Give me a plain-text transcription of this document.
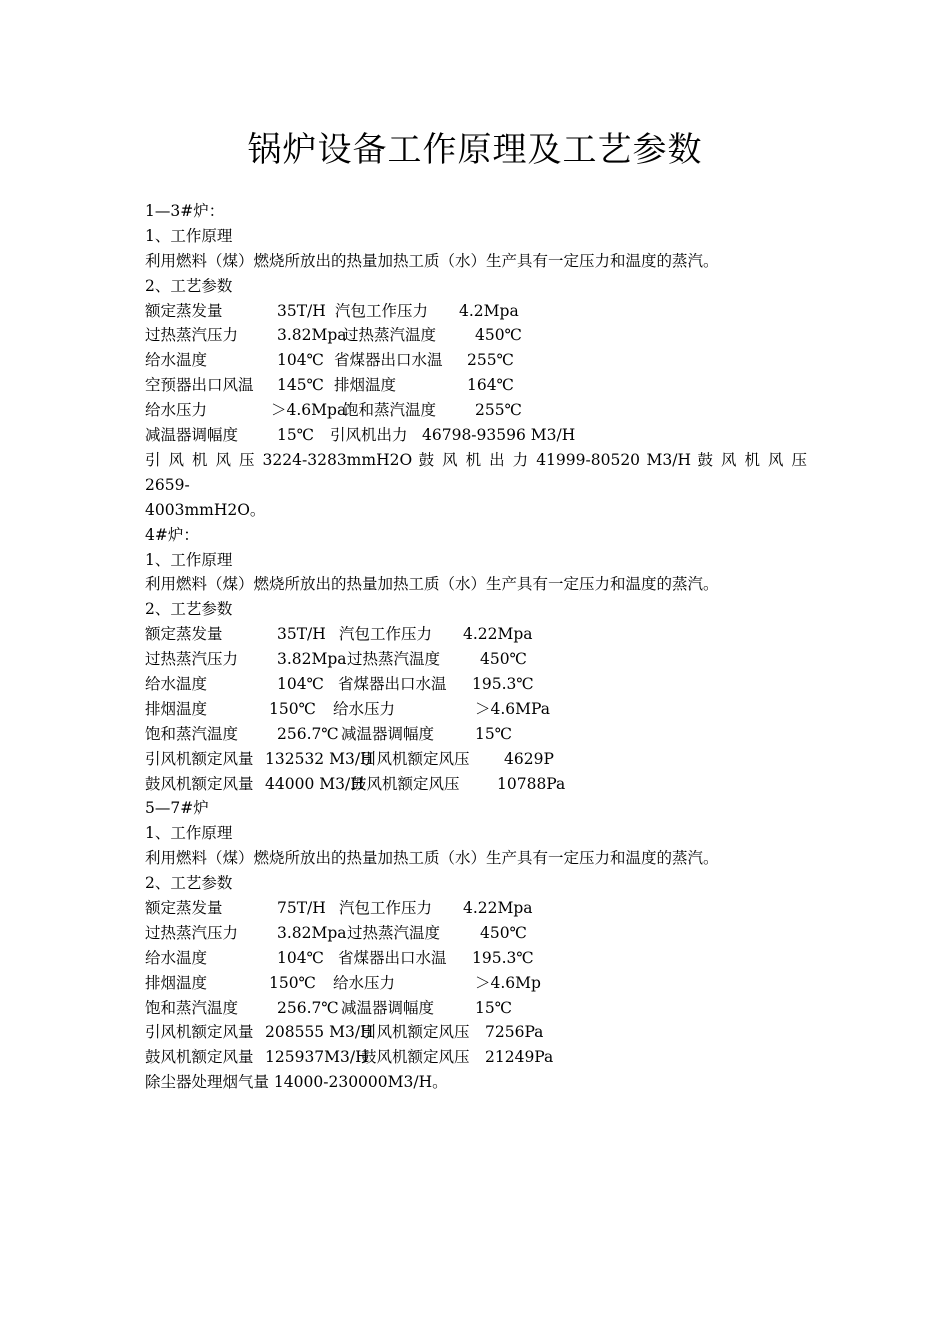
锅炉设备工作原理及工艺参数
1—3#炉：
1、工作原理
利用燃料（煤）燃烧所放出的热量加热工质（水）生产具有一定压力和温度的蒸汽。
2、工艺参数
额定蒸发量	35T/H 汽包工作压力 4.2Mpa
过热蒸汽压力	3.82Mpa过热蒸汽温度	450℃
给水温度	104℃ 省煤器出口水温 255℃
空预器出口风温 145℃ 排烟温度	164℃
给水压力	＞4.6Mpa饱和蒸汽温度	255℃
减温器调幅度	15℃ 引风机出力 46798-93596 M3/H
引 风 机 风 压 3224-3283mmH2O 鼓 风 机 出 力 41999-80520 M3/H 鼓 风 机 风 压 2659-
4003mmH2O。
4#炉：
1、工作原理
利用燃料（煤）燃烧所放出的热量加热工质（水）生产具有一定压力和温度的蒸汽。
2、工艺参数
额定蒸发量	35T/H 汽包工作压力 4.22Mpa
过热蒸汽压力	3.82Mpa过热蒸汽温度	450℃
给水温度	104℃ 省煤器出口水温 195.3℃
排烟温度	150℃ 给水压力	＞4.6MPa
饱和蒸汽温度	256.7℃ 减温器调幅度	15℃
引风机额定风量 132532 M3/H引风机额定风压 4629P
鼓风机额定风量 44000 M3/H鼓风机额定风压 10788Pa
5—7#炉
1、工作原理
利用燃料（煤）燃烧所放出的热量加热工质（水）生产具有一定压力和温度的蒸汽。
2、工艺参数
额定蒸发量	75T/H 汽包工作压力 4.22Mpa
过热蒸汽压力	3.82Mpa过热蒸汽温度	450℃
给水温度	104℃ 省煤器出口水温 195.3℃
排烟温度	150℃ 给水压力	＞4.6Mp
饱和蒸汽温度	256.7℃ 减温器调幅度	15℃
引风机额定风量 208555 M3/H引风机额定风压 7256Pa
鼓风机额定风量 125937M3/H鼓风机额定风压 21249Pa
除尘器处理烟气量 14000-230000M3/H。
